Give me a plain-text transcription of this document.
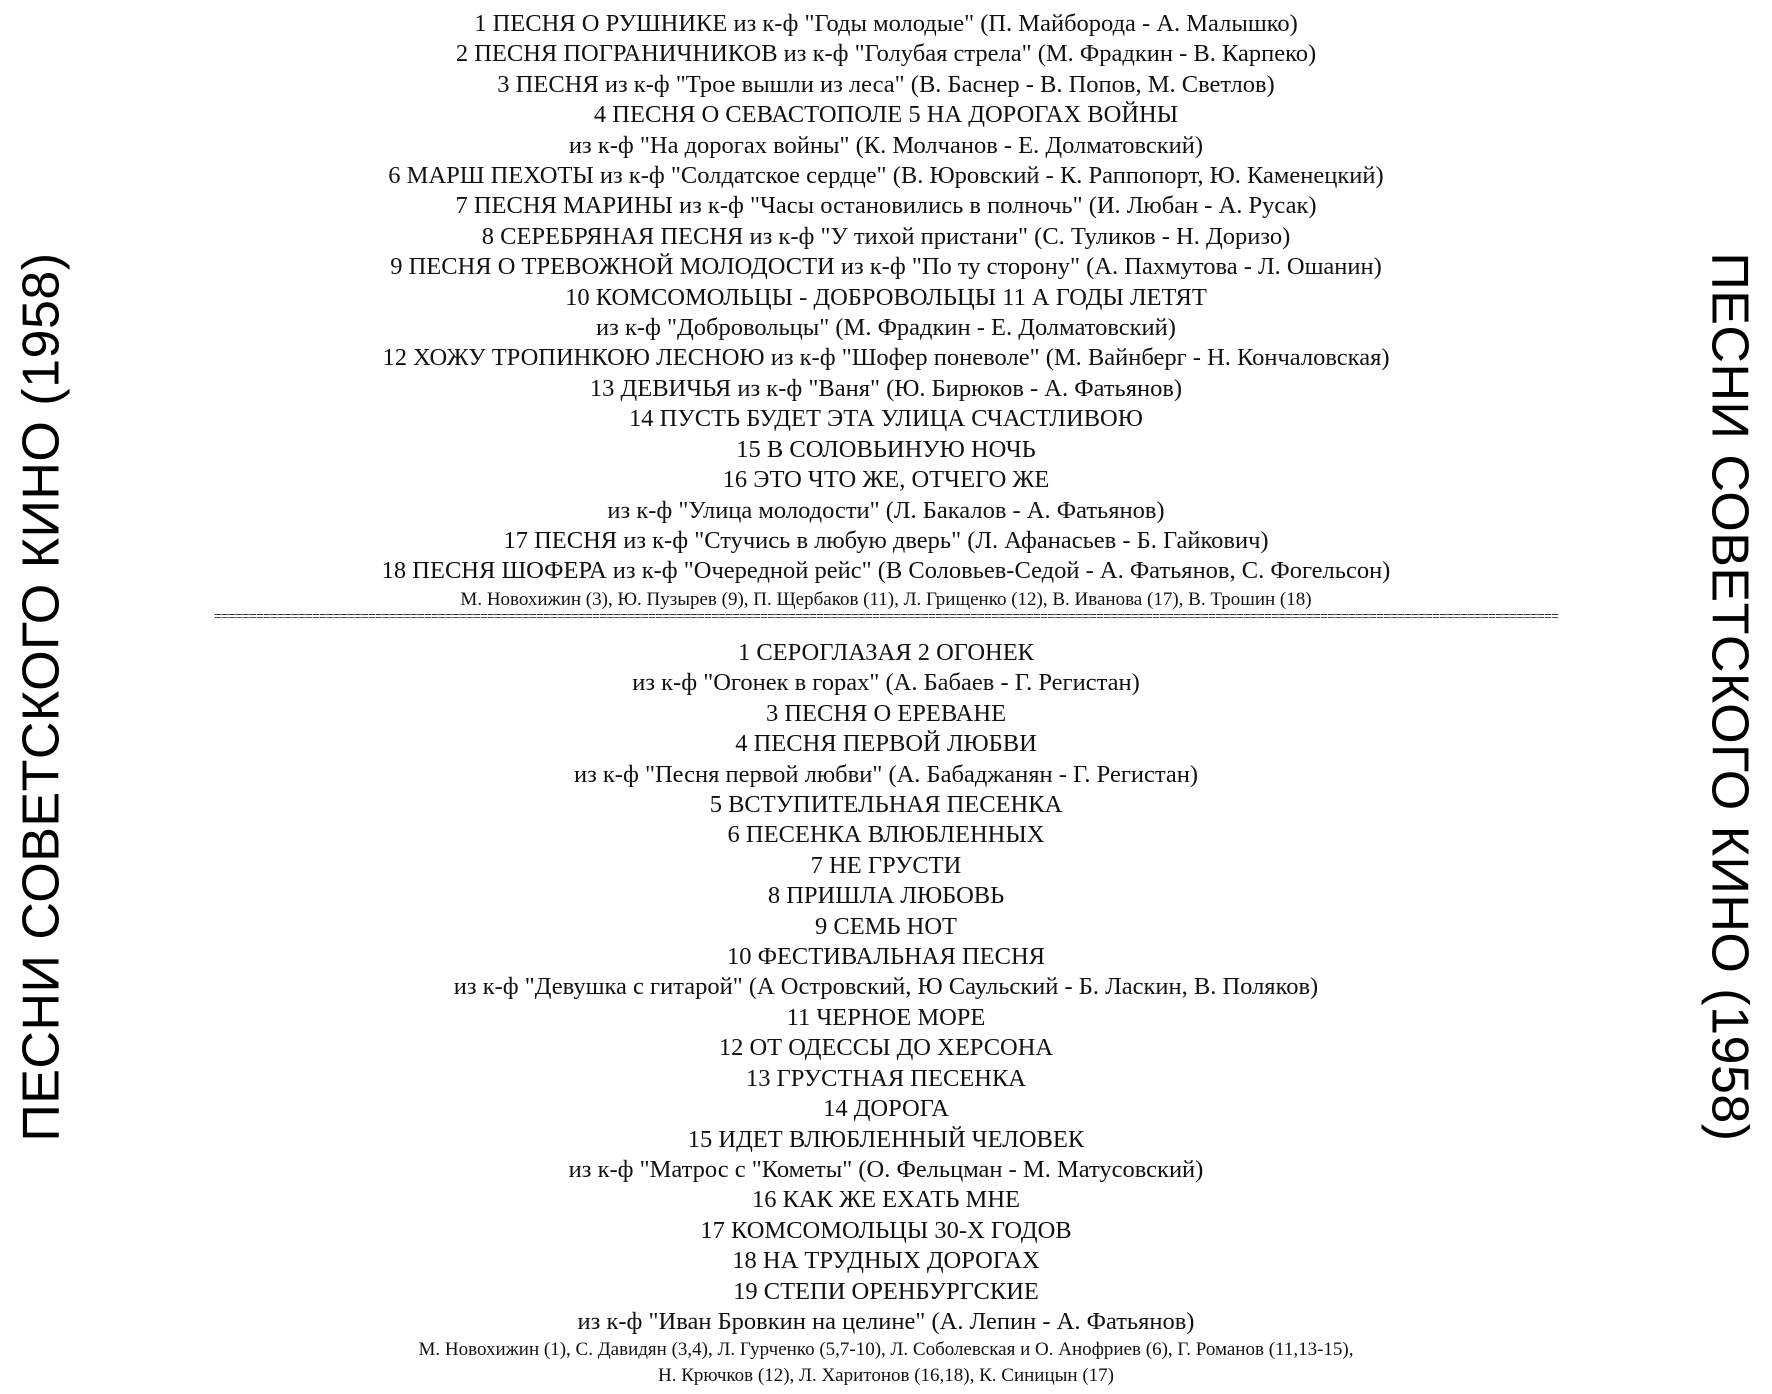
ПЕСНИ СОВЕТСКОГО КИНО (1958)	ПЕСНИ СОВЕТСКОГО КИНО (1958)
1 ПЕСНЯ О РУШНИКЕ из к-ф "Годы молодые" (П. Майборода - А. Малышко)
2 ПЕСНЯ ПОГРАНИЧНИКОВ из к-ф "Голубая стрела" (М. Фрадкин - В. Карпеко)
3 ПЕСНЯ из к-ф "Трое вышли из леса" (В. Баснер - В. Попов, М. Светлов)
4 ПЕСНЯ О СЕВАСТОПОЛЕ 5 НА ДОРОГАХ ВОЙНЫ
из к-ф "На дорогах войны" (К. Молчанов - Е. Долматовский)
6 МАРШ ПЕХОТЫ из к-ф "Солдатское сердце" (В. Юровский - К. Раппопорт, Ю. Каменецкий)
7 ПЕСНЯ МАРИНЫ из к-ф "Часы остановились в полночь" (И. Любан - А. Русак)
8 СЕРЕБРЯНАЯ ПЕСНЯ из к-ф "У тихой пристани" (С. Туликов - Н. Доризо)
9 ПЕСНЯ О ТРЕВОЖНОЙ МОЛОДОСТИ из к-ф "По ту сторону" (А. Пахмутова - Л. Ошанин)
10 КОМСОМОЛЬЦЫ - ДОБРОВОЛЬЦЫ 11 А ГОДЫ ЛЕТЯТ
из к-ф "Добровольцы" (М. Фрадкин - Е. Долматовский)
12 ХОЖУ ТРОПИНКОЮ ЛЕСНОЮ из к-ф "Шофер поневоле" (М. Вайнберг - Н. Кончаловская)
13 ДЕВИЧЬЯ из к-ф "Ваня" (Ю. Бирюков - А. Фатьянов)
14 ПУСТЬ БУДЕТ ЭТА УЛИЦА СЧАСТЛИВОЮ
15 В СОЛОВЬИНУЮ НОЧЬ
16 ЭТО ЧТО ЖЕ, ОТЧЕГО ЖЕ
из к-ф "Улица молодости" (Л. Бакалов - А. Фатьянов)
17 ПЕСНЯ из к-ф "Стучись в любую дверь" (Л. Афанасьев - Б. Гайкович)
18 ПЕСНЯ ШОФЕРА из к-ф "Очередной рейс" (В Соловьев-Седой - А. Фатьянов, С. Фогельсон)
М. Новохижин (3), Ю. Пузырев (9), П. Щербаков (11), Л. Грищенко (12), В. Иванова (17), В. Трошин (18)
================================================================================================================================================================================================
1 СЕРОГЛАЗАЯ 2 ОГОНЕК
из к-ф "Огонек в горах" (А. Бабаев - Г. Регистан)
3 ПЕСНЯ О ЕРЕВАНЕ
4 ПЕСНЯ ПЕРВОЙ ЛЮБВИ
из к-ф "Песня первой любви" (А. Бабаджанян - Г. Регистан)
5 ВСТУПИТЕЛЬНАЯ ПЕСЕНКА
6 ПЕСЕНКА ВЛЮБЛЕННЫХ
7 НЕ ГРУСТИ
8 ПРИШЛА ЛЮБОВЬ
9 СЕМЬ НОТ
10 ФЕСТИВАЛЬНАЯ ПЕСНЯ
из к-ф "Девушка с гитарой" (А Островский, Ю Саульский - Б. Ласкин, В. Поляков)
11 ЧЕРНОЕ МОРЕ
12 ОТ ОДЕССЫ ДО ХЕРСОНА
13 ГРУСТНАЯ ПЕСЕНКА
14 ДОРОГА
15 ИДЕТ ВЛЮБЛЕННЫЙ ЧЕЛОВЕК
из к-ф "Матрос с "Кометы" (О. Фельцман - М. Матусовский)
16 КАК ЖЕ ЕХАТЬ МНЕ
17 КОМСОМОЛЬЦЫ 30-Х ГОДОВ
18 НА ТРУДНЫХ ДОРОГАХ
19 СТЕПИ ОРЕНБУРГСКИЕ
из к-ф "Иван Бровкин на целине" (А. Лепин - А. Фатьянов)
М. Новохижин (1), С. Давидян (3,4), Л. Гурченко (5,7-10), Л. Соболевская и О. Анофриев (6), Г. Романов (11,13-15),
Н. Крючков (12), Л. Харитонов (16,18), К. Синицын (17)
